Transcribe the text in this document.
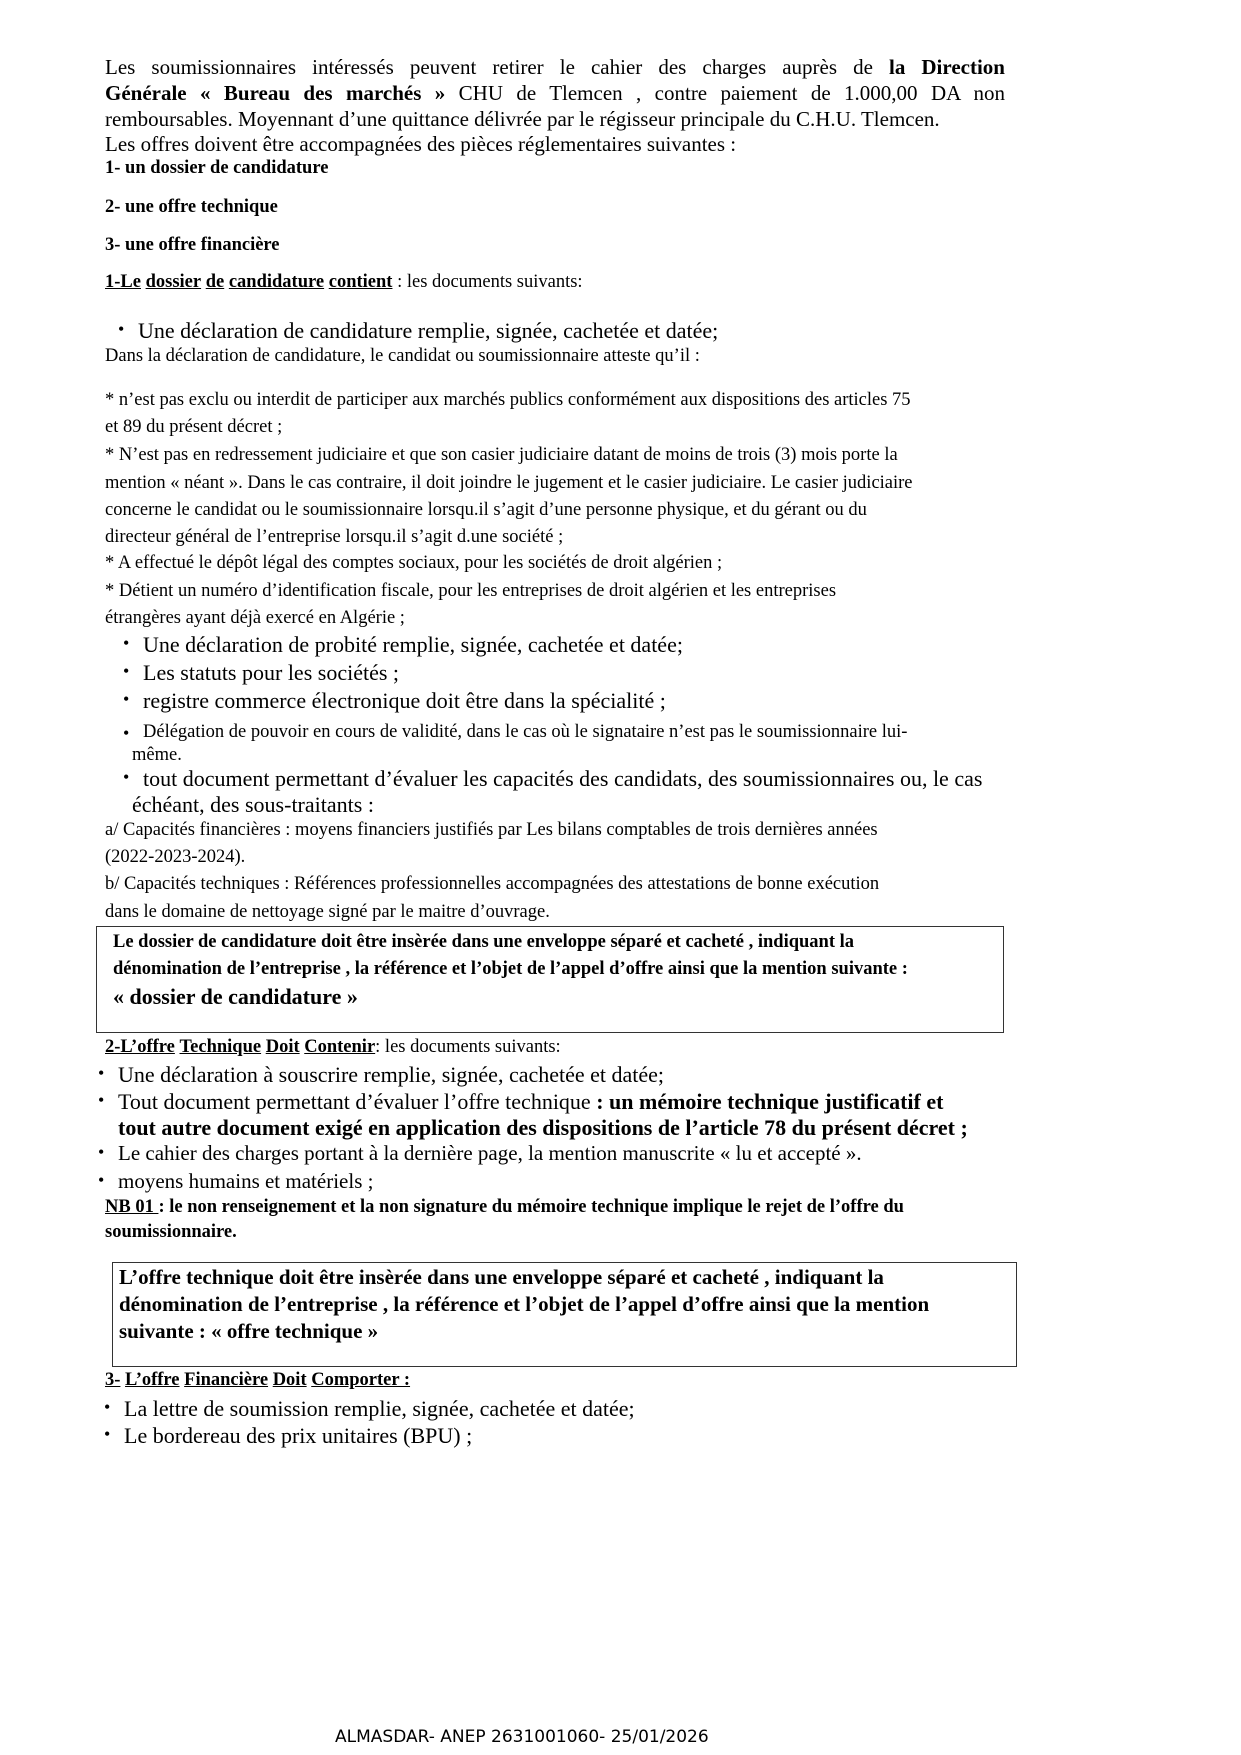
Les soumissionnaires intéressés peuvent retirer le cahier des charges auprès de la Direction
Générale « Bureau des marchés » CHU de Tlemcen , contre paiement de 1.000,00 DA non
remboursables. Moyennant d’une quittance délivrée par le régisseur principale du C.H.U. Tlemcen.
Les offres doivent être accompagnées des pièces réglementaires suivantes :
1- un dossier de candidature
2- une offre technique
3- une offre financière
1-Le dossier de candidature contient : les documents suivants:
• Une déclaration de candidature remplie, signée, cachetée et datée;
Dans la déclaration de candidature, le candidat ou soumissionnaire atteste qu’il :
* n’est pas exclu ou interdit de participer aux marchés publics conformément aux dispositions des articles 75
et 89 du présent décret ;
* N’est pas en redressement judiciaire et que son casier judiciaire datant de moins de trois (3) mois porte la
mention « néant ». Dans le cas contraire, il doit joindre le jugement et le casier judiciaire. Le casier judiciaire
concerne le candidat ou le soumissionnaire lorsqu.il s’agit d’une personne physique, et du gérant ou du
directeur général de l’entreprise lorsqu.il s’agit d.une société ;
* A effectué le dépôt légal des comptes sociaux, pour les sociétés de droit algérien ;
* Détient un numéro d’identification fiscale, pour les entreprises de droit algérien et les entreprises
étrangères ayant déjà exercé en Algérie ;
• Une déclaration de probité remplie, signée, cachetée et datée;
• Les statuts pour les sociétés ;
• registre commerce électronique doit être dans la spécialité ;
• Délégation de pouvoir en cours de validité, dans le cas où le signataire n’est pas le soumissionnaire lui-
même.
• tout document permettant d’évaluer les capacités des candidats, des soumissionnaires ou, le cas
échéant, des sous-traitants :
a/ Capacités financières : moyens financiers justifiés par Les bilans comptables de trois dernières années
(2022-2023-2024).
b/ Capacités techniques : Références professionnelles accompagnées des attestations de bonne exécution
dans le domaine de nettoyage signé par le maitre d’ouvrage.
Le dossier de candidature doit être insèrée dans une enveloppe séparé et cacheté , indiquant la
dénomination de l’entreprise , la référence et l’objet de l’appel d’offre ainsi que la mention suivante :
« dossier de candidature »
2-L’offre Technique Doit Contenir: les documents suivants:
• Une déclaration à souscrire remplie, signée, cachetée et datée;
• Tout document permettant d’évaluer l’offre technique : un mémoire technique justificatif et
tout autre document exigé en application des dispositions de l’article 78 du présent décret ;
• Le cahier des charges portant à la dernière page, la mention manuscrite « lu et accepté ».
• moyens humains et matériels ;
NB 01 : le non renseignement et la non signature du mémoire technique implique le rejet de l’offre du
soumissionnaire.
L’offre technique doit être insèrée dans une enveloppe séparé et cacheté , indiquant la
dénomination de l’entreprise , la référence et l’objet de l’appel d’offre ainsi que la mention
suivante : « offre technique »
3- L’offre Financière Doit Comporter :
• La lettre de soumission remplie, signée, cachetée et datée;
• Le bordereau des prix unitaires (BPU) ;
ALMASDAR- ANEP 2631001060- 25/01/2026
